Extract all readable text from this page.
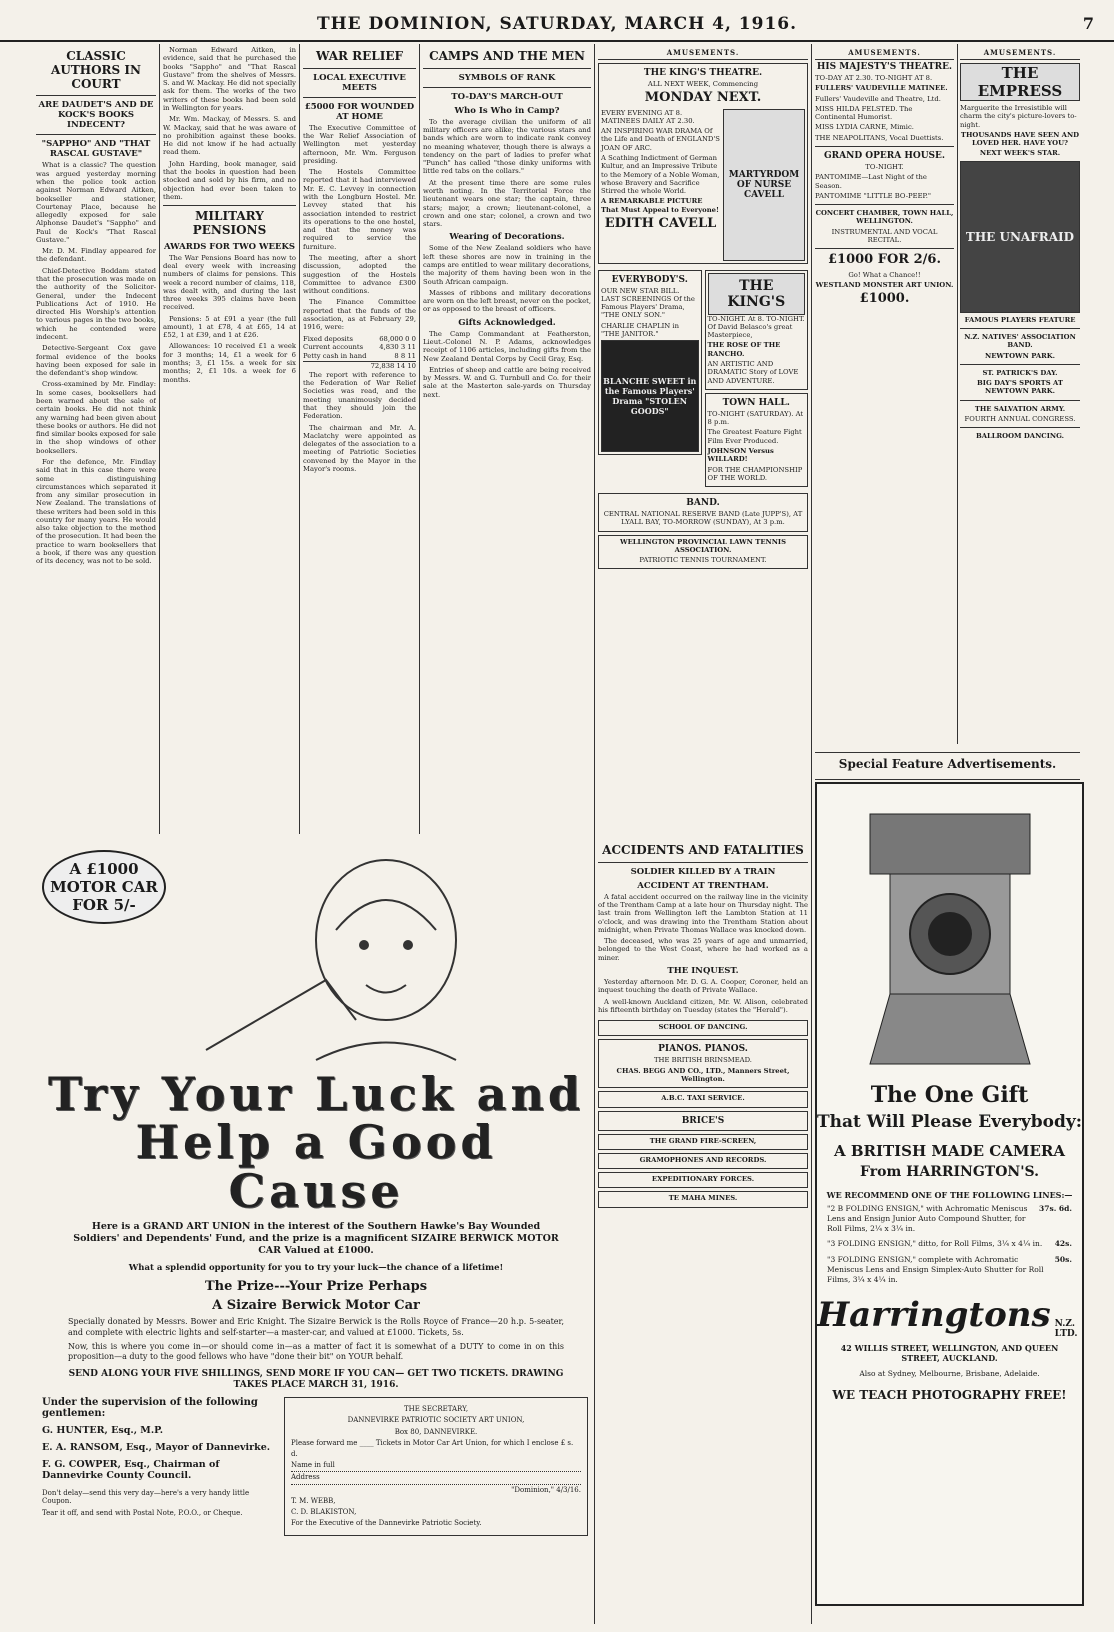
THE DOMINION, SATURDAY, MARCH 4, 1916.	7
CLASSIC AUTHORS IN COURT
ARE DAUDET'S AND DE KOCK'S BOOKS INDECENT?
"SAPPHO" AND "THAT RASCAL GUSTAVE"

What is a classic? The question was argued yesterday morning when the police took action against Norman Edward Aitken, bookseller and stationer, Courtenay Place, because he allegedly exposed for sale Alphonse Daudet's "Sappho" and Paul de Kock's "That Rascal Gustave."

Mr. D. M. Findlay appeared for the defendant.

Chief-Detective Boddam stated that the prosecution was made on the authority of the Solicitor-General, under the Indecent Publications Act of 1910. He directed His Worship's attention to various pages in the two books, which he contended were indecent.

Detective-Sergeant Cox gave formal evidence of the books having been exposed for sale in the defendant's shop window.

Cross-examined by Mr. Findlay: In some cases, booksellers had been warned about the sale of certain books. He did not think any warning had been given about these books or authors. He did not find similar books exposed for sale in the shop windows of other booksellers.

For the defence, Mr. Findlay said that in this case there were some distinguishing circumstances which separated it from any similar prosecution in New Zealand. The translations of these writers had been sold in this country for many years. He would also take objection to the method of the prosecution. It had been the practice to warn booksellers that a book, if there was any question of its decency, was not to be sold.

Norman Edward Aitken, in evidence, said that he purchased the books "Sappho" and "That Rascal Gustave" from the shelves of Messrs. S. and W. Mackay. He did not specially ask for them. The works of the two writers of these books had been sold in Wellington for years.

Mr. Wm. Mackay, of Messrs. S. and W. Mackay, said that he was aware of no prohibition against these books. He did not know if he had actually read them.

John Harding, book manager, said that the books in question had been stocked and sold by his firm, and no objection had ever been taken to them.

MILITARY PENSIONS
AWARDS FOR TWO WEEKS

The War Pensions Board has now to deal every week with increasing numbers of claims for pensions. This week a record number of claims, 118, was dealt with, and during the last three weeks 395 claims have been received.

Pensions: 5 at £91 a year (the full amount), 1 at £78, 4 at £65, 14 at £52, 1 at £39, and 1 at £26.

Allowances: 10 received £1 a week for 3 months; 14, £1 a week for 6 months; 3, £1 15s. a week for six months; 2, £1 10s. a week for 6 months.

WAR RELIEF
LOCAL EXECUTIVE MEETS
£5000 FOR WOUNDED AT HOME

The Executive Committee of the War Relief Association of Wellington met yesterday afternoon, Mr. Wm. Ferguson presiding.

The Hostels Committee reported that it had interviewed Mr. E. C. Levvey in connection with the Longburn Hostel. Mr. Levvey stated that his association intended to restrict its operations to the one hostel, and that the money was required to service the furniture.

The meeting, after a short discussion, adopted the suggestion of the Hostels Committee to advance £300 without conditions.

The Finance Committee reported that the funds of the association, as at February 29, 1916, were:

Fixed deposits	68,000 0 0
Current accounts 4,830 3 11
Petty cash in hand	8 8 11
72,838 14 10

The report with reference to the Federation of War Relief Societies was read, and the meeting unanimously decided that they should join the Federation.

The chairman and Mr. A. Maclatchy were appointed as delegates of the association to a meeting of Patriotic Societies convened by the Mayor in the Mayor's rooms.

CAMPS AND THE MEN
SYMBOLS OF RANK
TO-DAY'S MARCH-OUT
Who Is Who in Camp?

To the average civilian the uniform of all military officers are alike; the various stars and bands which are worn to indicate rank convey no meaning whatever, though there is always a tendency on the part of ladies to prefer what "Punch" has called "those dinky uniforms with little red tabs on the collars."

At the present time there are some rules worth noting. In the Territorial Force the lieutenant wears one star; the captain, three stars; major, a crown; lieutenant-colonel, a crown and one star; colonel, a crown and two stars.

Wearing of Decorations.

Some of the New Zealand soldiers who have left these shores are now in training in the camps are entitled to wear military decorations, the majority of them having been won in the South African campaign.

Masses of ribbons and military decorations are worn on the left breast, never on the pocket, or as opposed to the breast of officers.

Gifts Acknowledged.

The Camp Commandant at Featherston, Lieut.-Colonel N. P. Adams, acknowledges receipt of 1106 articles, including gifts from the New Zealand Dental Corps by Cecil Gray, Esq.

Entries of sheep and cattle are being received by Messrs. W. and G. Turnbull and Co. for their sale at the Masterton sale-yards on Thursday next.

AMUSEMENTS.
THE KING'S THEATRE.
ALL NEXT WEEK, Commencing
MONDAY NEXT.
EVERY EVENING AT 8. MATINEES DAILY AT 2.30.
AN INSPIRING WAR DRAMA Of the Life and Death of ENGLAND'S JOAN OF ARC.
A Scathing Indictment of German Kultur, and an Impressive Tribute to the Memory of a Noble Woman, whose Bravery and Sacrifice Stirred the whole World.
A REMARKABLE PICTURE That Must Appeal to Everyone!
EDITH CAVELL
MARTYRDOM OF NURSE CAVELL
EVERYBODY'S.
OUR NEW STAR BILL. LAST SCREENINGS Of the Famous Players' Drama, "THE ONLY SON."
CHARLIE CHAPLIN in "THE JANITOR."
BLANCHE SWEET in the Famous Players' Drama "STOLEN GOODS"
THE KING'S
TO-NIGHT. At 8. TO-NIGHT. Of David Belasco's great Masterpiece,
THE ROSE OF THE RANCHO.
AN ARTISTIC AND DRAMATIC Story of LOVE AND ADVENTURE.
TOWN HALL.
TO-NIGHT (SATURDAY). At 8 p.m.
The Greatest Feature Fight Film Ever Produced.
JOHNSON Versus WILLARD!
FOR THE CHAMPIONSHIP OF THE WORLD.
BAND.
CENTRAL NATIONAL RESERVE BAND (Late JUPP'S), AT LYALL BAY, TO-MORROW (SUNDAY), At 3 p.m.
WELLINGTON PROVINCIAL LAWN TENNIS ASSOCIATION.
PATRIOTIC TENNIS TOURNAMENT.
AMUSEMENTS.
HIS MAJESTY'S THEATRE.
TO-DAY AT 2.30. TO-NIGHT AT 8.
FULLERS' VAUDEVILLE MATINEE.
Fullers' Vaudeville and Theatre, Ltd.
MISS HILDA FELSTED. The Continental Humorist.
MISS LYDIA CARNE, Mimic.
THE NEAPOLITANS, Vocal Duettists.
GRAND OPERA HOUSE.
TO-NIGHT.
PANTOMIME—Last Night of the Season.
PANTOMIME "LITTLE BO-PEEP."
CONCERT CHAMBER, TOWN HALL, WELLINGTON.
INSTRUMENTAL AND VOCAL RECITAL.
£1000 FOR 2/6.
Go! What a Chance!!
WESTLAND MONSTER ART UNION.
£1000.
AMUSEMENTS.
THE EMPRESS
Marguerite the Irresistible will charm the city's picture-lovers to-night.
THOUSANDS HAVE SEEN AND LOVED HER. HAVE YOU?
NEXT WEEK'S STAR.
THE UNAFRAID
FAMOUS PLAYERS FEATURE
N.Z. NATIVES' ASSOCIATION BAND.
NEWTOWN PARK.
ST. PATRICK'S DAY.
BIG DAY'S SPORTS AT NEWTOWN PARK.
THE SALVATION ARMY.
FOURTH ANNUAL CONGRESS.
BALLROOM DANCING.
Special Feature Advertisements.
ACCIDENTS AND FATALITIES
SOLDIER KILLED BY A TRAIN
ACCIDENT AT TRENTHAM.

A fatal accident occurred on the railway line in the vicinity of the Trentham Camp at a late hour on Thursday night. The last train from Wellington left the Lambton Station at 11 o'clock, and was drawing into the Trentham Station about midnight, when Private Thomas Wallace was knocked down.

The deceased, who was 25 years of age and unmarried, belonged to the West Coast, where he had worked as a miner.

THE INQUEST.

Yesterday afternoon Mr. D. G. A. Cooper, Coroner, held an inquest touching the death of Private Wallace.

A well-known Auckland citizen, Mr. W. Alison, celebrated his fifteenth birthday on Tuesday (states the "Herald").

SCHOOL OF DANCING.
PIANOS. PIANOS.
THE BRITISH BRINSMEAD.
CHAS. BEGG AND CO., LTD., Manners Street, Wellington.
A.B.C. TAXI SERVICE.
BRICE'S
THE GRAND FIRE-SCREEN,
GRAMOPHONES AND RECORDS.
EXPEDITIONARY FORCES.
TE MAHA MINES.
A £1000 MOTOR CAR FOR 5/-
Try Your Luck and
Help a Good Cause
Here is a GRAND ART UNION in the interest of the Southern Hawke's Bay Wounded Soldiers' and Dependents' Fund, and the prize is a magnificent SIZAIRE BERWICK MOTOR CAR Valued at £1000.
What a splendid opportunity for you to try your luck—the chance of a lifetime!
The Prize---Your Prize Perhaps
A Sizaire Berwick Motor Car

Specially donated by Messrs. Bower and Eric Knight. The Sizaire Berwick is the Rolls Royce of France—20 h.p. 5-seater, and complete with electric lights and self-starter—a master-car, and valued at £1000. Tickets, 5s.

Now, this is where you come in—or should come in—as a matter of fact it is somewhat of a DUTY to come in on this proposition—a duty to the good fellows who have "done their bit" on YOUR behalf.

SEND ALONG YOUR FIVE SHILLINGS, SEND MORE IF YOU CAN— GET TWO TICKETS. DRAWING TAKES PLACE MARCH 31, 1916.
Under the supervision of the following gentlemen:
G. HUNTER, Esq., M.P.
E. A. RANSOM, Esq., Mayor of Dannevirke.
F. G. COWPER, Esq., Chairman of Dannevirke County Council.
Don't delay—send this very day—here's a very handy little Coupon.
Tear it off, and send with Postal Note, P.O.O., or Cheque.
THE SECRETARY,
DANNEVIRKE PATRIOTIC SOCIETY ART UNION,
Box 80, DANNEVIRKE.
Please forward me ____ Tickets in Motor Car Art Union, for which I enclose £ s. d.
Name in full
Address
"Dominion," 4/3/16.
T. M. WEBB,
C. D. BLAKISTON,
For the Executive of the Dannevirke Patriotic Society.
The One Gift
That Will Please Everybody:
A BRITISH MADE CAMERA
From HARRINGTON'S.
WE RECOMMEND ONE OF THE FOLLOWING LINES:—
"2 B FOLDING ENSIGN," with Achromatic Meniscus Lens and Ensign Junior Auto Compound Shutter, for Roll Films, 2¼ x 3¼ in.
37s. 6d.
"3 FOLDING ENSIGN," ditto, for Roll Films, 3¼ x 4¼ in.	42s.
"3 FOLDING ENSIGN," complete with Achromatic Meniscus Lens and Ensign Simplex-Auto Shutter for Roll Films, 3¼ x 4¼ in.
50s.
Harringtons N.Z. LTD.
42 WILLIS STREET, WELLINGTON, AND QUEEN STREET, AUCKLAND.
Also at Sydney, Melbourne, Brisbane, Adelaide.
WE TEACH PHOTOGRAPHY FREE!
